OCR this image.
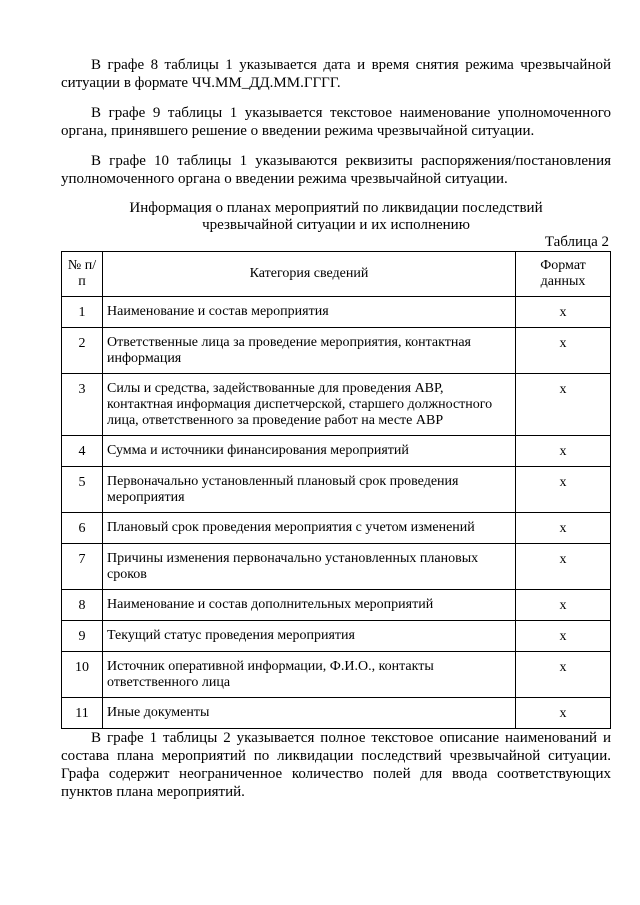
В графе 8 таблицы 1 указывается дата и время снятия режима чрезвычайной ситуации в формате ЧЧ.ММ_ДД.ММ.ГГГГ.

В графе 9 таблицы 1 указывается текстовое наименование уполномоченного органа, принявшего решение о введении режима чрезвычайной ситуации.

В графе 10 таблицы 1 указываются реквизиты распоряжения/постановления уполномоченного органа о введении режима чрезвычайной ситуации.

Информация о планах мероприятий по ликвидации последствий
чрезвычайной ситуации и их исполнению
Таблица 2
№ п/п	Категория сведений	Формат данных
1	Наименование и состав мероприятия	х
2	Ответственные лица за проведение мероприятия, контактная информация	х
3	Силы и средства, задействованные для проведения АВР, контактная информация диспетчерской, старшего должностного лица, ответственного за проведение работ на месте АВР	х
4	Сумма и источники финансирования мероприятий	х
5	Первоначально установленный плановый срок проведения мероприятия	х
6	Плановый срок проведения мероприятия с учетом изменений	х
7	Причины изменения первоначально установленных плановых сроков	х
8	Наименование и состав дополнительных мероприятий	х
9	Текущий статус проведения мероприятия	х
10	Источник оперативной информации, Ф.И.О., контакты ответственного лица	х
11	Иные документы	х

В графе 1 таблицы 2 указывается полное текстовое описание наименований и состава плана мероприятий по ликвидации последствий чрезвычайной ситуации. Графа содержит неограниченное количество полей для ввода соответствующих пунктов плана мероприятий.
